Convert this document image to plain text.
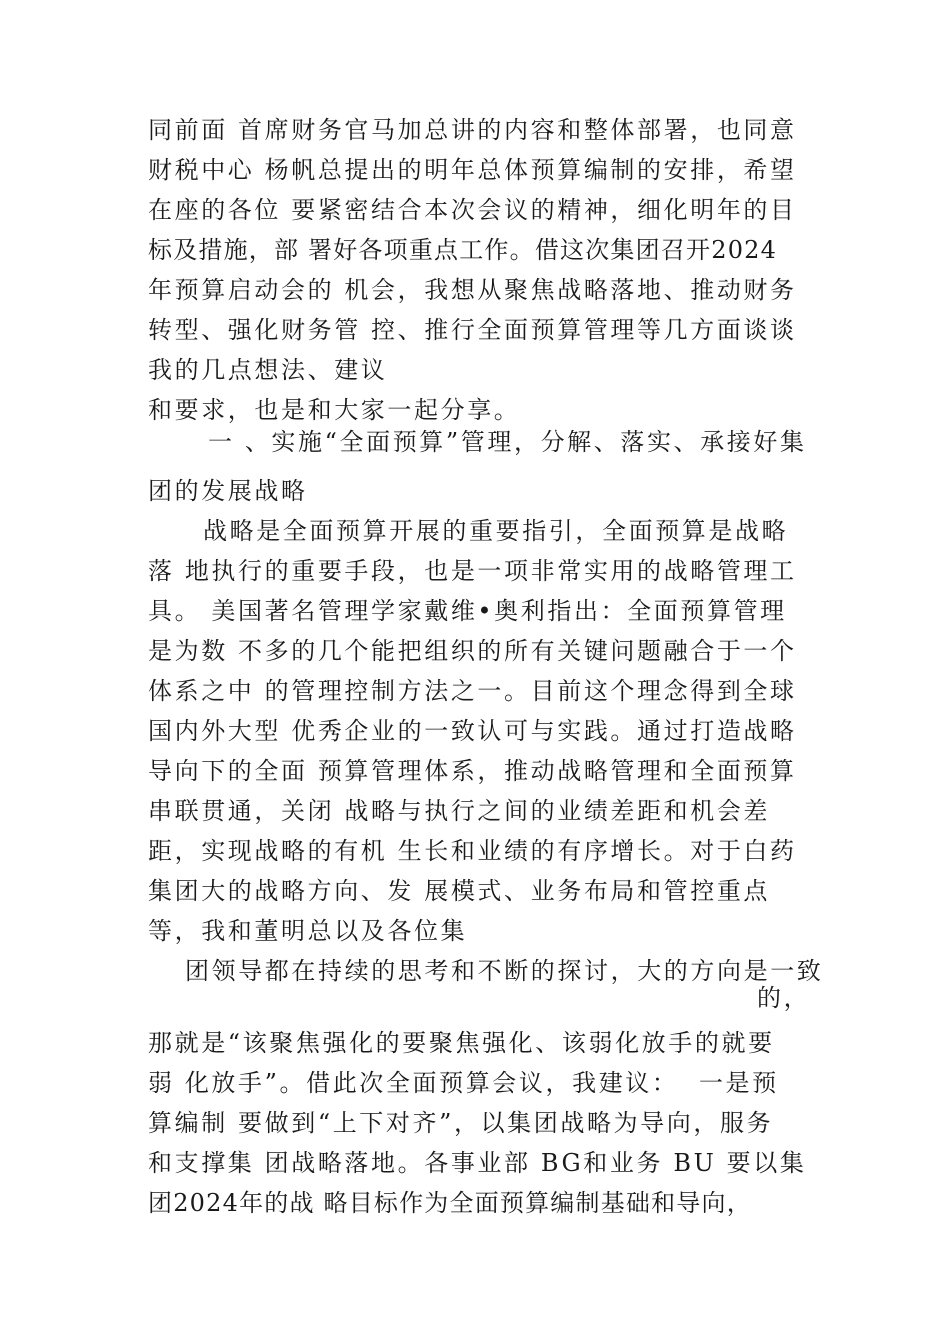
同前面 首席财务官马加总讲的内容和整体部署，也同意
财税中心 杨帆总提出的明年总体预算编制的安排，希望
在座的各位 要紧密结合本次会议的精神，细化明年的目
标及措施，部 署好各项重点工作。借这次集团召开2024
年预算启动会的 机会，我想从聚焦战略落地、推动财务
转型、强化财务管 控、推行全面预算管理等几方面谈谈
我的几点想法、建议
和要求，也是和大家一起分享。
一 、实施“全面预算”管理，分解、落实、承接好集
团的发展战略
战略是全面预算开展的重要指引，全面预算是战略
落 地执行的重要手段，也是一项非常实用的战略管理工
具。 美国著名管理学家戴维•奥利指出：全面预算管理
是为数 不多的几个能把组织的所有关键问题融合于一个
体系之中 的管理控制方法之一。目前这个理念得到全球
国内外大型 优秀企业的一致认可与实践。通过打造战略
导向下的全面 预算管理体系，推动战略管理和全面预算
串联贯通，关闭 战略与执行之间的业绩差距和机会差
距，实现战略的有机 生长和业绩的有序增长。对于白药
集团大的战略方向、发 展模式、业务布局和管控重点
等，我和董明总以及各位集
团领导都在持续的思考和不断的探讨，大的方向是一致
的，
那就是“该聚焦强化的要聚焦强化、该弱化放手的就要
弱 化放手”。借此次全面预算会议，我建议：  一是预
算编制 要做到“上下对齐”，以集团战略为导向，服务
和支撑集 团战略落地。各事业部 BG和业务 BU 要以集
团2024年的战 略目标作为全面预算编制基础和导向，
